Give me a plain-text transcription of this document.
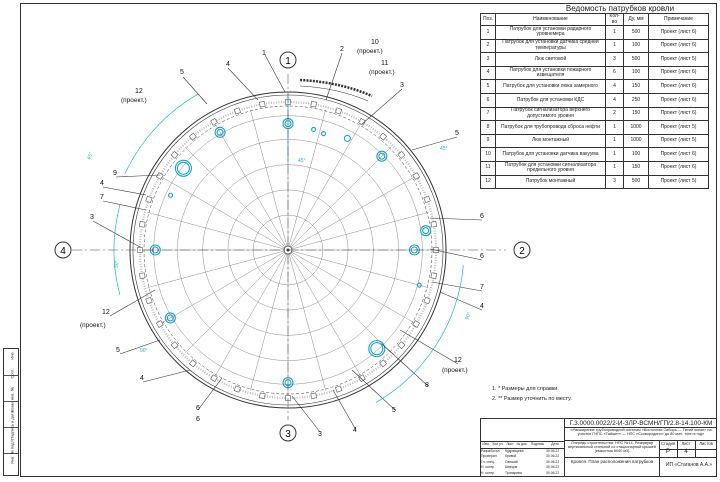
Инв. № подл.
Подпись и дата
Взам. инв. №
Согл.
Инв.
1
2
3
4
1
2
3
4
5
5
9
4
7
3	6
6
7
4
12
5
4
6
6
3
4
5
8
12
10
11
12
(проект.)
(проект.)
(проект.)
(проект.)
(проект.)
45°
30°
90°
45°
45°
90°
Ведомость патрубков кровли
Поз.	Наименование	Кол-во	Ду, мм	Примечание
1	Патрубок для установки радарного уровнемера	1	500	Проект (лист 6)
2	Патрубок для установки датчика средней температуры	1	100	Проект (лист 6)
3	Люк световой	3	500	Проект (лист 5)
4	Патрубок для установки пожарного извещателя	6	100	Проект (лист 6)
5	Патрубок для установки люка замерного	4	150	Проект (лист 6)
6	Патрубок для установки КДС	4	250	Проект (лист 6)
7	Патрубок сигнализатора верхнего допустимого уровня	2	150	Проект (лист 6)
8	Патрубок для трубопровода сброса нефти	1	1000	Проект (лист 5)
9	Люк монтажный	1	1000	Проект (лист 5)
10	Патрубок для установки датчика вакуума	1	100	Проект (лист 6)
11	Патрубок для установки сигнализатора предельного уровня	1	150	Проект (лист 6)
12	Патрубок монтажный	3	500	Проект (лист 5)
1. * Размеры для справки.
2. ** Размер уточнить по месту.
Г.3.0000.0022/2-И-ЗЛР-ВСМН/ГП/2.8-14.100-КМ
«Расширение трубопроводной системы «Восточная Сибирь — Тихий океан» на участке ГНПС «Тайшет» — НПС «Сковородино» до 80 млн. тонн в год»
Очередь строительства: НПС №14. Резервуар вертикальный стальной со стационарной крышей (емкостью 5000 м3)
Кровля. План расположения патрубков
Стадия	Лист	Листов
Р	4
ИП «Стаганов А.А.»
Изм. Кол.уч. Лист № док. Подпись	Дата
Разработал	Кудрявцева	30.06.22
Проверил	Кривой	30.06.22
Гл. спец.	Свешай	30.06.22
Н. контр.	Швецов	30.06.22
Н. контр.	Тропарева	30.06.22
